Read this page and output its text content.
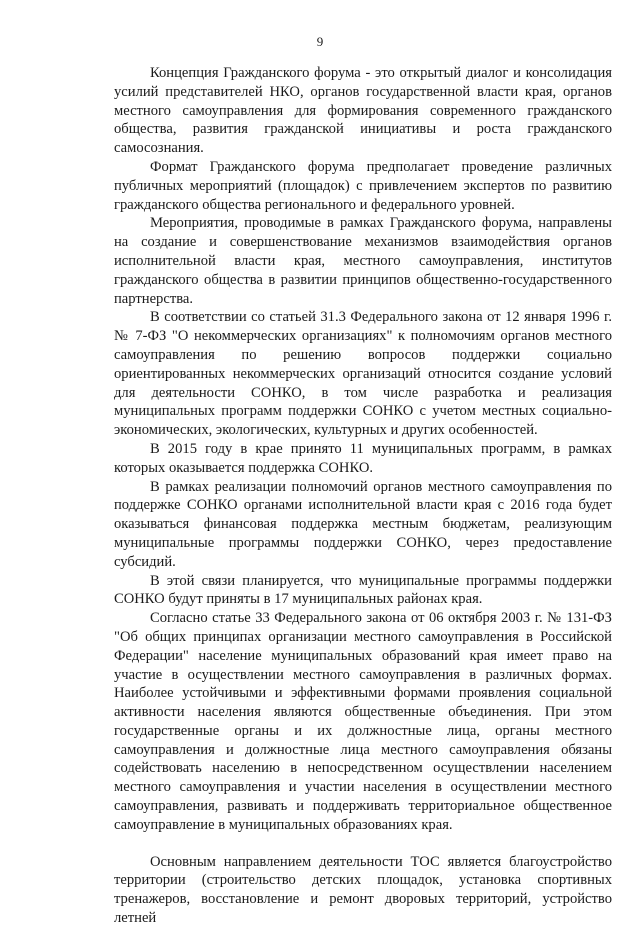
9

Концепция Гражданского форума - это открытый диалог и консолидация усилий представителей НКО, органов государственной власти края, органов местного самоуправления для формирования современного гражданского общества, развития гражданской инициативы и роста гражданского самосознания.

Формат Гражданского форума предполагает проведение различных публичных мероприятий (площадок) с привлечением экспертов по развитию гражданского общества регионального и федерального уровней.

Мероприятия, проводимые в рамках Гражданского форума, направлены на создание и совершенствование механизмов взаимодействия органов исполнительной власти края, местного самоуправления, институтов гражданского общества в развитии принципов общественно-государственного партнерства.

В соответствии со статьей 31.3 Федерального закона от 12 января 1996 г. № 7-ФЗ "О некоммерческих организациях" к полномочиям органов местного самоуправления по решению вопросов поддержки социально ориентированных некоммерческих организаций относится создание условий для деятельности СОНКО, в том числе разработка и реализация муниципальных программ поддержки СОНКО с учетом местных социально-экономических, экологических, культурных и других особенностей.

В 2015 году в крае принято 11 муниципальных программ, в рамках которых оказывается поддержка СОНКО.

В рамках реализации полномочий органов местного самоуправления по поддержке СОНКО органами исполнительной власти края с 2016 года будет оказываться финансовая поддержка местным бюджетам, реализующим муниципальные программы поддержки СОНКО, через предоставление субсидий.

В этой связи планируется, что муниципальные программы поддержки СОНКО будут приняты в 17 муниципальных районах края.

Согласно статье 33 Федерального закона от 06 октября 2003 г. № 131-ФЗ "Об общих принципах организации местного самоуправления в Российской Федерации" население муниципальных образований края имеет право на участие в осуществлении местного самоуправления в различных формах. Наиболее устойчивыми и эффективными формами проявления социальной активности населения являются общественные объединения. При этом государственные органы и их должностные лица, органы местного самоуправления и должностные лица местного самоуправления обязаны содействовать населению в непосредственном осуществлении населением местного самоуправления и участии населения в осуществлении местного самоуправления, развивать и поддерживать территориальное общественное самоуправление в муниципальных образованиях края.

Основным направлением деятельности ТОС является благоустройство территории (строительство детских площадок, установка спортивных тренажеров, восстановление и ремонт дворовых территорий, устройство летней
